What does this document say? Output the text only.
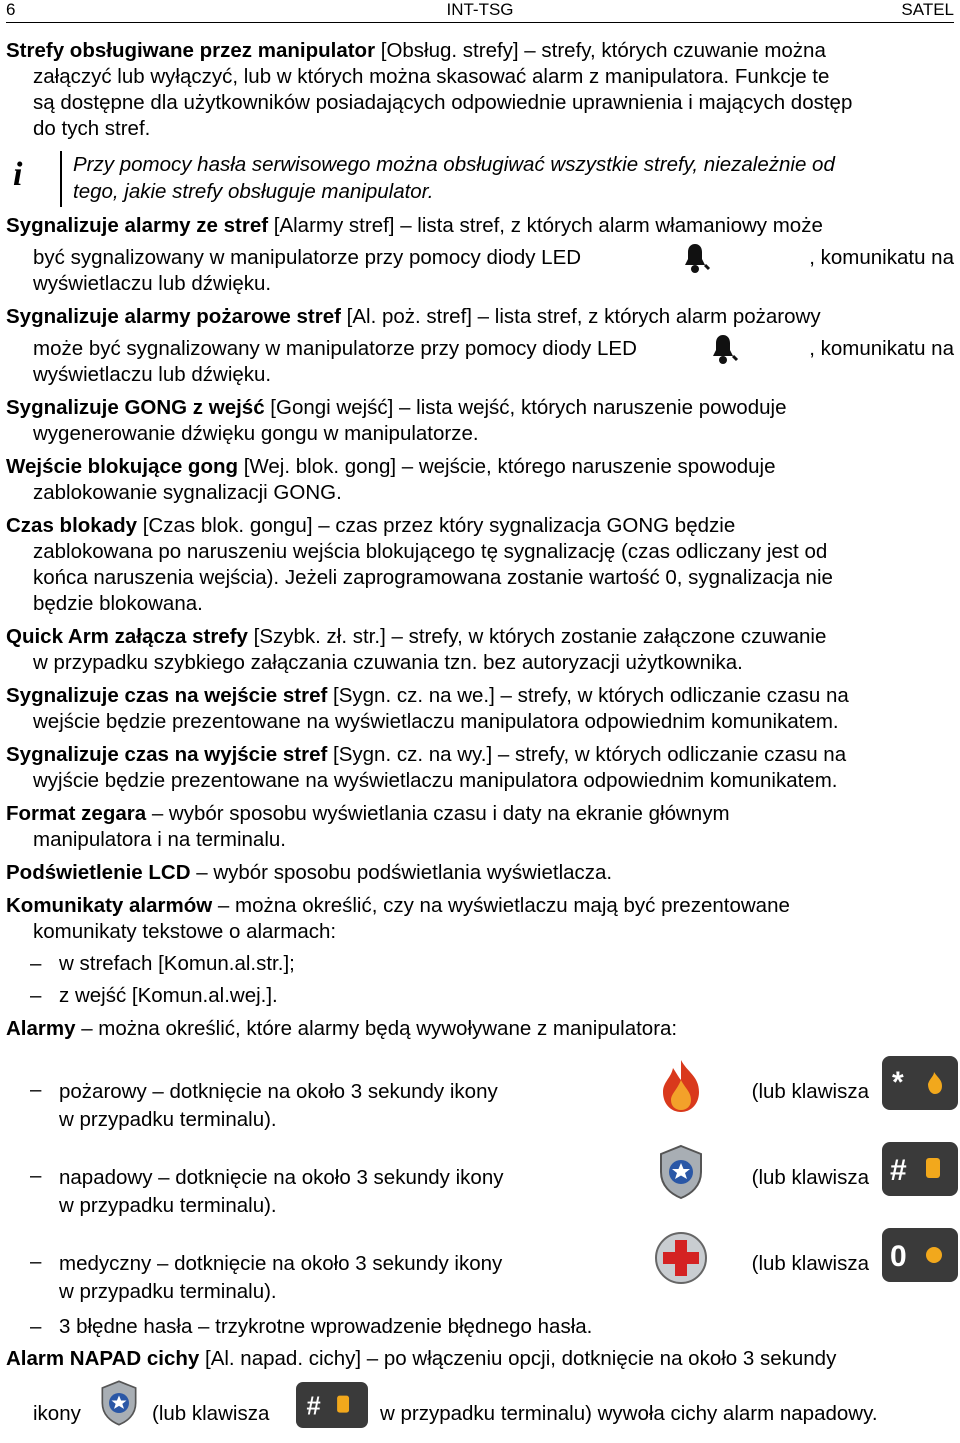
6	INT-TSG	SATEL

Strefy obsługiwane przez manipulator [Obsług. strefy] – strefy, których czuwanie można

załączyć lub wyłączyć, lub w których można skasować alarm z manipulatora. Funkcje te

są dostępne dla użytkowników posiadających odpowiednie uprawnienia i mających dostęp

do tych stref.

i Przy pomocy hasła serwisowego można obsługiwać wszystkie strefy, niezależnie od

tego, jakie strefy obsługuje manipulator.

Sygnalizuje alarmy ze stref [Alarmy stref] – lista stref, z których alarm włamaniowy może

być sygnalizowany w manipulatorze przy pomocy diody LED	, komunikatu na

wyświetlaczu lub dźwięku.

Sygnalizuje alarmy pożarowe stref [Al. poż. stref] – lista stref, z których alarm pożarowy

może być sygnalizowany w manipulatorze przy pomocy diody LED	, komunikatu na

wyświetlaczu lub dźwięku.

Sygnalizuje GONG z wejść [Gongi wejść] – lista wejść, których naruszenie powoduje

wygenerowanie dźwięku gongu w manipulatorze.

Wejście blokujące gong [Wej. blok. gong] – wejście, którego naruszenie spowoduje

zablokowanie sygnalizacji GONG.

Czas blokady [Czas blok. gongu] – czas przez który sygnalizacja GONG będzie

zablokowana po naruszeniu wejścia blokującego tę sygnalizację (czas odliczany jest od

końca naruszenia wejścia). Jeżeli zaprogramowana zostanie wartość 0, sygnalizacja nie

będzie blokowana.

Quick Arm załącza strefy [Szybk. zł. str.] – strefy, w których zostanie załączone czuwanie

w przypadku szybkiego załączania czuwania tzn. bez autoryzacji użytkownika.

Sygnalizuje czas na wejście stref [Sygn. cz. na we.] – strefy, w których odliczanie czasu na

wejście będzie prezentowane na wyświetlaczu manipulatora odpowiednim komunikatem.

Sygnalizuje czas na wyjście stref [Sygn. cz. na wy.] – strefy, w których odliczanie czasu na

wyjście będzie prezentowane na wyświetlaczu manipulatora odpowiednim komunikatem.

Format zegara – wybór sposobu wyświetlania czasu i daty na ekranie głównym

manipulatora i na terminalu.

Podświetlenie LCD – wybór sposobu podświetlania wyświetlacza.

Komunikaty alarmów – można określić, czy na wyświetlaczu mają być prezentowane

komunikaty tekstowe o alarmach:

– w strefach [Komun.al.str.];

– z wejść [Komun.al.wej.].

Alarmy – można określić, które alarmy będą wywoływane z manipulatora:

– pożarowy – dotknięcie na około 3 sekundy ikony	(lub klawisza
w przypadku terminalu).
*
– napadowy – dotknięcie na około 3 sekundy ikony	(lub klawisza
w przypadku terminalu).
#
– medyczny – dotknięcie na około 3 sekundy ikony	(lub klawisza
w przypadku terminalu).
0

– 3 błędne hasła – trzykrotne wprowadzenie błędnego hasła.

Alarm NAPAD cichy [Al. napad. cichy] – po włączeniu opcji, dotknięcie na około 3 sekundy

ikony	(lub klawisza #	w przypadku terminalu) wywoła cichy alarm napadowy.
